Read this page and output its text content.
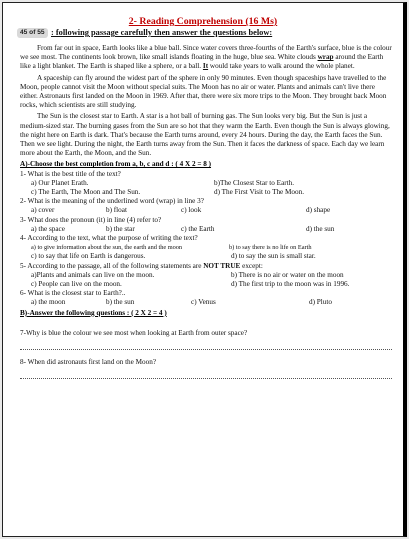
2- Reading Comprehension (16 Ms)
45 of 55 : following passage carefully then answer the questions below:

From far out in space, Earth looks like a blue ball. Since water covers three-fourths of the Earth's surface, blue is the colour we see most. The continents look brown, like small islands floating in the huge, blue sea. White clouds wrap around the Earth like a light blanket. The Earth is shaped like a sphere, or a ball. It would take years to walk around the whole planet.

A spaceship can fly around the widest part of the sphere in only 90 minutes. Even though spaceships have travelled to the Moon, people cannot visit the Moon without special suits. The Moon has no air or water. Plants and animals can't live there either. Astronauts first landed on the Moon in 1969. After that, there were six more trips to the Moon. They brought back Moon rocks, which scientists are still studying.

The Sun is the closest star to Earth. A star is a hot ball of burning gas. The Sun looks very big. But the Sun is just a medium-sized star. The burning gases from the Sun are so hot that they warm the Earth. Even though the Sun is always glowing, the night here on Earth is dark. That's because the Earth turns around, every 24 hours. During the day, the Earth faces the Sun. Then we see light. During the night, the Earth turns away from the Sun. Then it faces the darkness of space. Each day we learn more about the Earth, the Moon, and the Sun.

A)-Choose the best completion from a, b, c and d : ( 4 X 2 = 8 )

1- What is the best title of the text?

a) Our Planet Erath.	b)The Closest Star to Earth.
c) The Earth, The Moon and The Sun.	d) The First Visit to The Moon.

2- What is the meaning of the underlined word (wrap) in line 3?

a) cover	b) float	c) look	d) shape

3- What does the pronoun (it) in line (4) refer to?

a) the space	b) the star	c) the Earth	d) the sun

4- According to the text, what the purpose of writing the text?

a) to give information about the sun, the earth and the moon	b) to say there is no life on Earth
c) to say that life on Earth is dangerous.	d) to say the sun is small star.

5- According to the passage, all of the following statements are NOT TRUE except:

a)Plants and animals can live on the moon.	b) There is no air or water on the moon
c) People can live on the moon.	d) The first trip to the moon was in 1996.

6- What is the closest star to Earth?..

a) the moon	b) the sun	c) Venus	d) Pluto

B)-Answer the following questions : ( 2 X 2 = 4 )

7-Why is blue the colour we see most when looking at Earth from outer space?

8- When did astronauts first land on the Moon?
